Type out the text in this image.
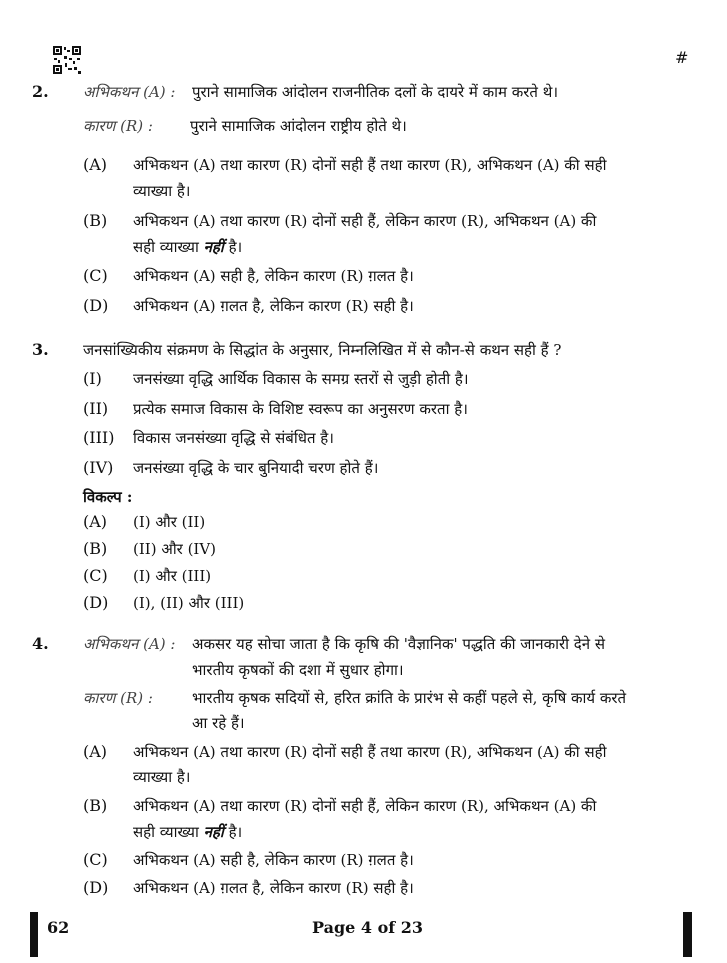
#
2. अभिकथन (A) : पुराने सामाजिक आंदोलन राजनीतिक दलों के दायरे में काम करते थे।
कारण (R) : पुराने सामाजिक आंदोलन राष्ट्रीय होते थे।
(A) अभिकथन (A) तथा कारण (R) दोनों सही हैं तथा कारण (R), अभिकथन (A) की सही
व्याख्या है।
(B) अभिकथन (A) तथा कारण (R) दोनों सही हैं, लेकिन कारण (R), अभिकथन (A) की
सही व्याख्या नहीं है।
(C) अभिकथन (A) सही है, लेकिन कारण (R) ग़लत है।
(D) अभिकथन (A) ग़लत है, लेकिन कारण (R) सही है।
3. जनसांख्यिकीय संक्रमण के सिद्धांत के अनुसार, निम्नलिखित में से कौन-से कथन सही हैं ?
(I) जनसंख्या वृद्धि आर्थिक विकास के समग्र स्तरों से जुड़ी होती है।
(II) प्रत्येक समाज विकास के विशिष्ट स्वरूप का अनुसरण करता है।
(III) विकास जनसंख्या वृद्धि से संबंधित है।
(IV) जनसंख्या वृद्धि के चार बुनियादी चरण होते हैं।
विकल्प :
(A) (I) और (II)
(B) (II) और (IV)
(C) (I) और (III)
(D) (I), (II) और (III)
4. अभिकथन (A) : अकसर यह सोचा जाता है कि कृषि की 'वैज्ञानिक' पद्धति की जानकारी देने से
भारतीय कृषकों की दशा में सुधार होगा।
कारण (R) :	भारतीय कृषक सदियों से, हरित क्रांति के प्रारंभ से कहीं पहले से, कृषि कार्य करते
आ रहे हैं।
(A) अभिकथन (A) तथा कारण (R) दोनों सही हैं तथा कारण (R), अभिकथन (A) की सही
व्याख्या है।
(B) अभिकथन (A) तथा कारण (R) दोनों सही हैं, लेकिन कारण (R), अभिकथन (A) की
सही व्याख्या नहीं है।
(C) अभिकथन (A) सही है, लेकिन कारण (R) ग़लत है।
(D) अभिकथन (A) ग़लत है, लेकिन कारण (R) सही है।
62	Page 4 of 23
